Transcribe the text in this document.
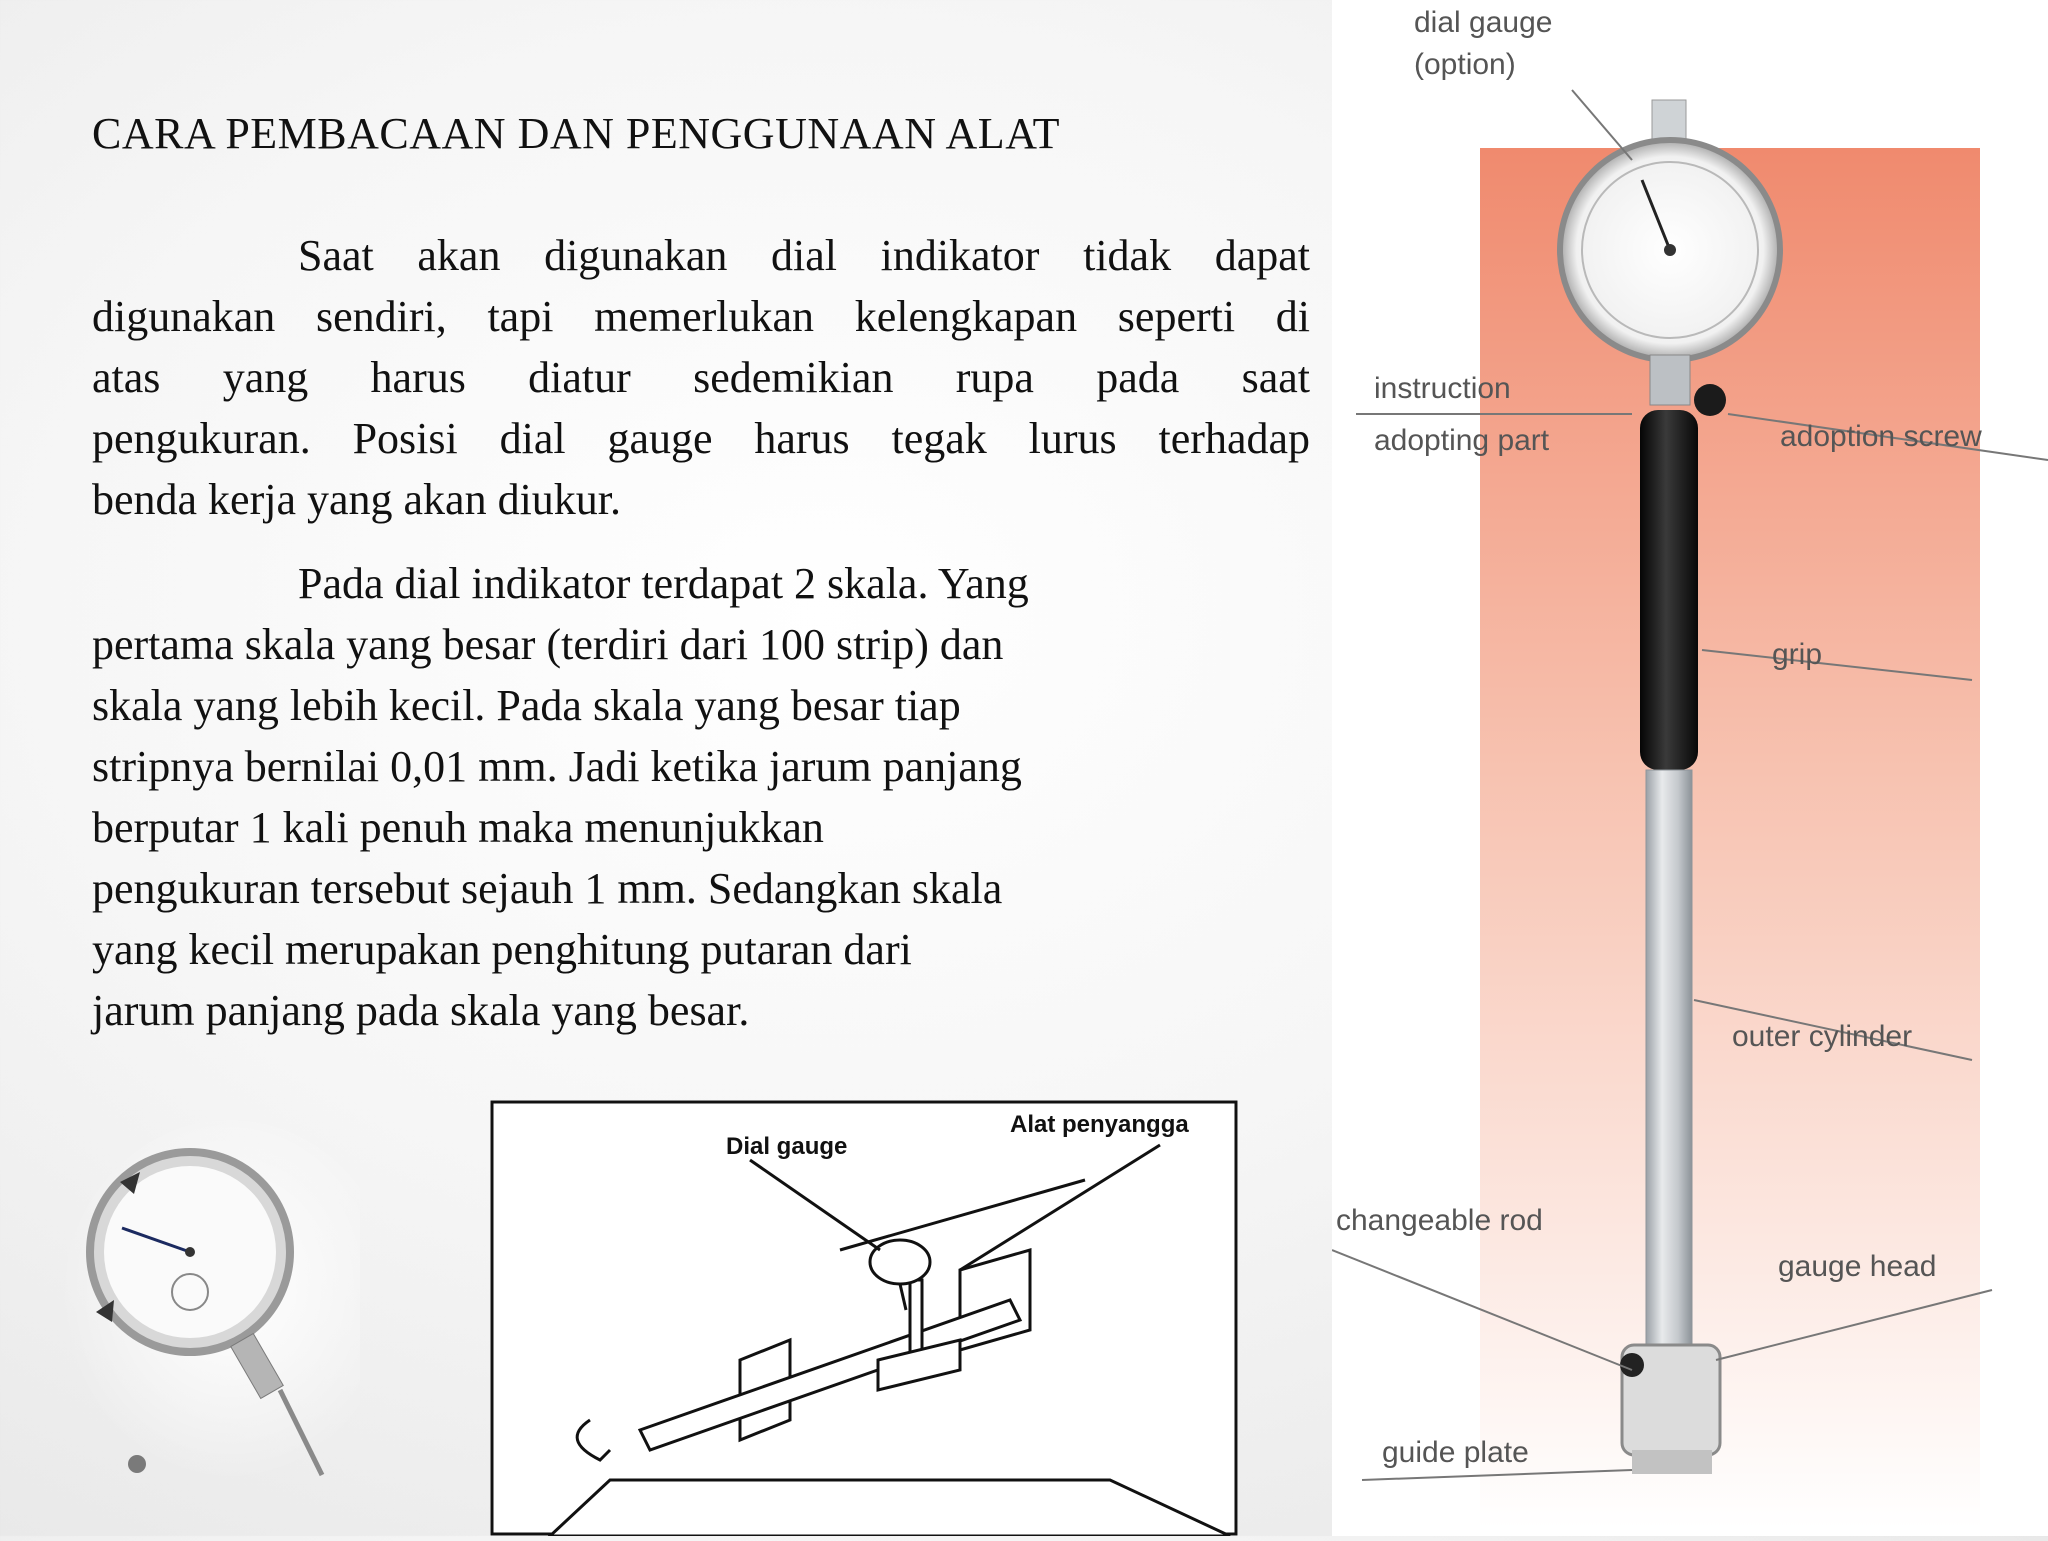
CARA PEMBACAAN DAN PENGGUNAAN ALAT
Saat akan digunakan dial indikator tidak dapat
digunakan sendiri, tapi memerlukan kelengkapan seperti di
atas yang harus diatur sedemikian rupa pada saat
pengukuran. Posisi dial gauge harus tegak lurus terhadap
benda kerja yang akan diukur.
Pada dial indikator terdapat 2 skala. Yang
pertama skala yang besar (terdiri dari 100 strip) dan
skala yang lebih kecil. Pada skala yang besar tiap
stripnya bernilai 0,01 mm. Jadi ketika jarum panjang
berputar 1 kali penuh maka menunjukkan
pengukuran tersebut sejauh 1 mm. Sedangkan skala
yang kecil merupakan penghitung putaran dari
jarum panjang pada skala yang besar.
dial gauge
(option)
instruction
adopting part	adoption screw
grip
outer cylinder
changeable rod
gauge head
guide plate
Dial gauge
Alat penyangga
